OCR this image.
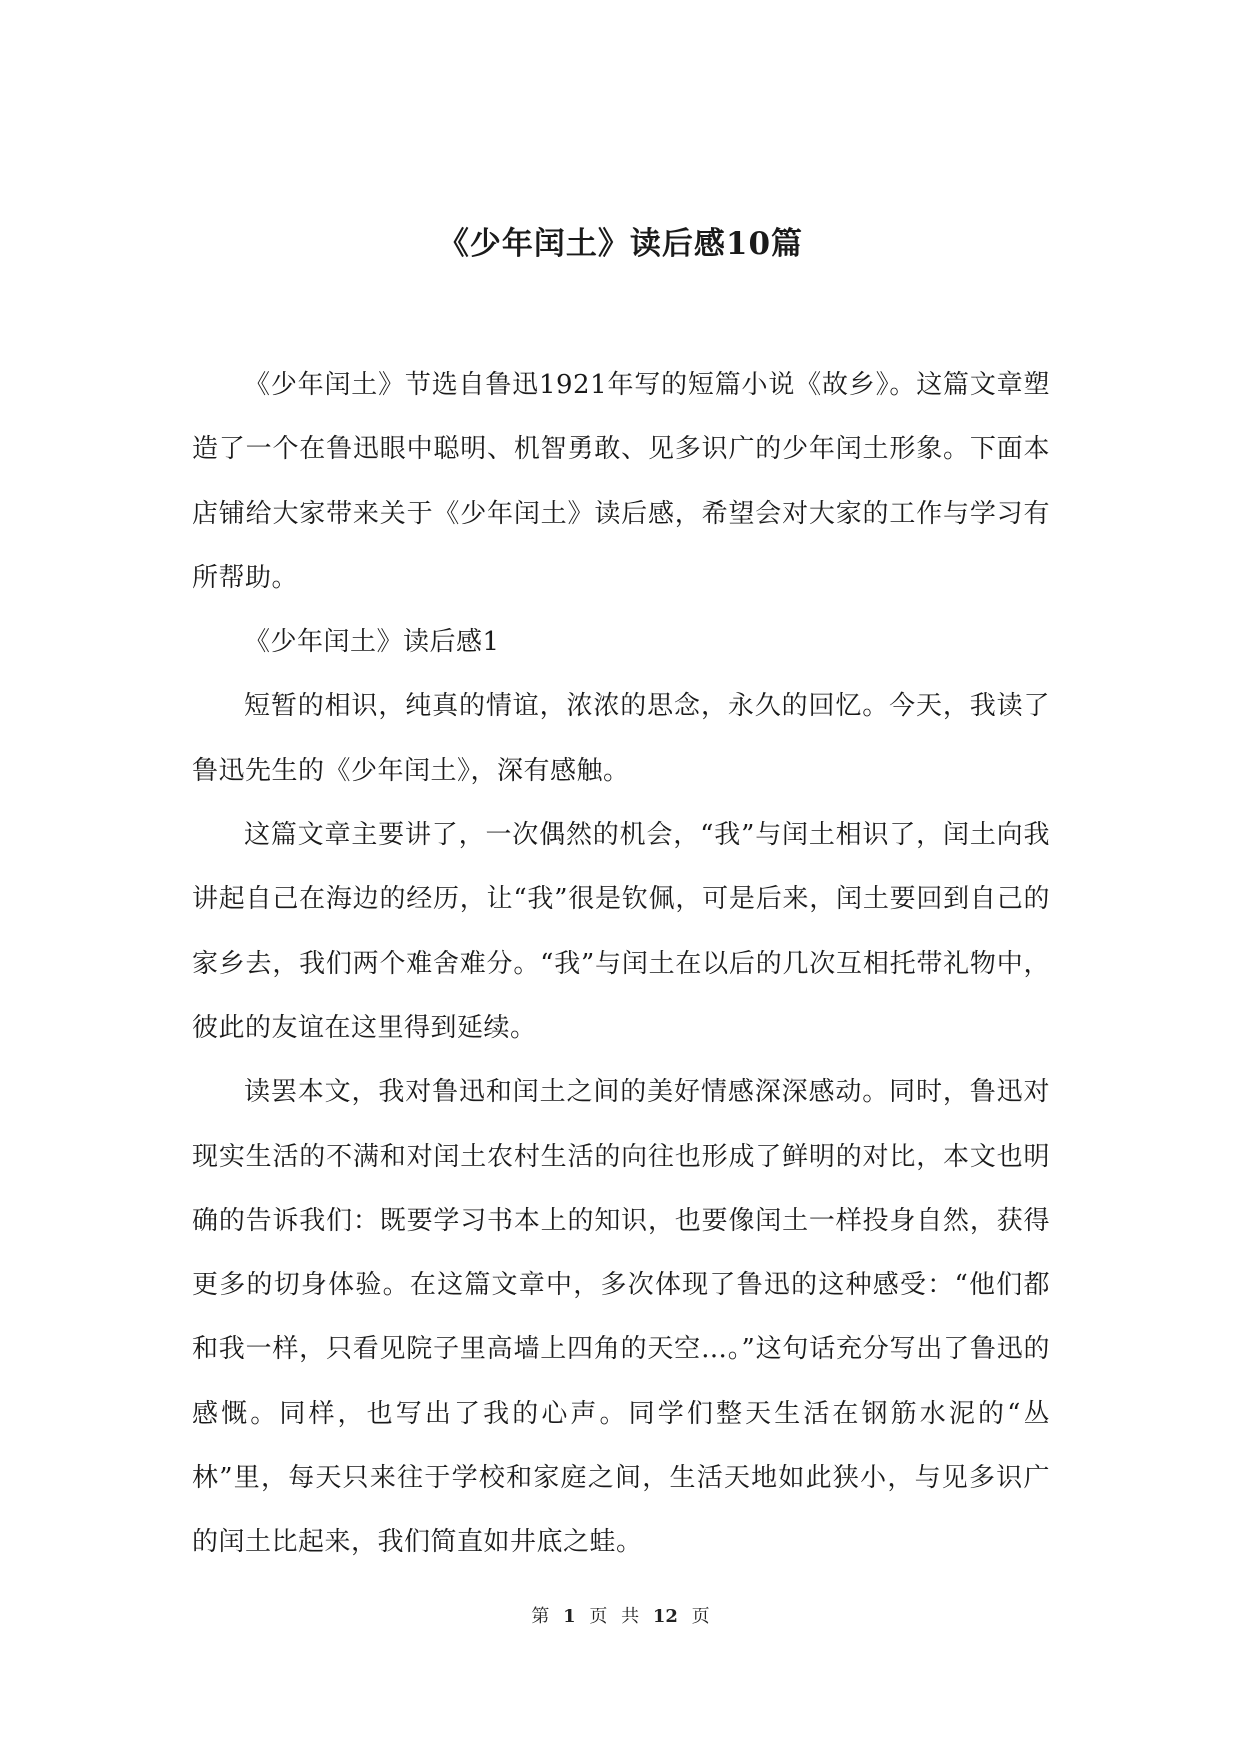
《少年闰土》读后感10篇

《少年闰土》节选自鲁迅1921年写的短篇小说《故乡》。这篇文章塑造了一个在鲁迅眼中聪明、机智勇敢、见多识广的少年闰土形象。下面本店铺给大家带来关于《少年闰土》读后感，希望会对大家的工作与学习有所帮助。

《少年闰土》读后感1

短暂的相识，纯真的情谊，浓浓的思念，永久的回忆。今天，我读了鲁迅先生的《少年闰土》，深有感触。

这篇文章主要讲了，一次偶然的机会，“我”与闰土相识了，闰土向我讲起自己在海边的经历，让“我”很是钦佩，可是后来，闰土要回到自己的家乡去，我们两个难舍难分。“我”与闰土在以后的几次互相托带礼物中，彼此的友谊在这里得到延续。

读罢本文，我对鲁迅和闰土之间的美好情感深深感动。同时，鲁迅对现实生活的不满和对闰土农村生活的向往也形成了鲜明的对比，本文也明确的告诉我们：既要学习书本上的知识，也要像闰土一样投身自然，获得更多的切身体验。在这篇文章中，多次体现了鲁迅的这种感受：“他们都和我一样，只看见院子里高墙上四角的天空…。”这句话充分写出了鲁迅的感慨。同样，也写出了我的心声。同学们整天生活在钢筋水泥的“丛林”里，每天只来往于学校和家庭之间，生活天地如此狭小，与见多识广的闰土比起来，我们简直如井底之蛙。

第 1 页 共 12 页
